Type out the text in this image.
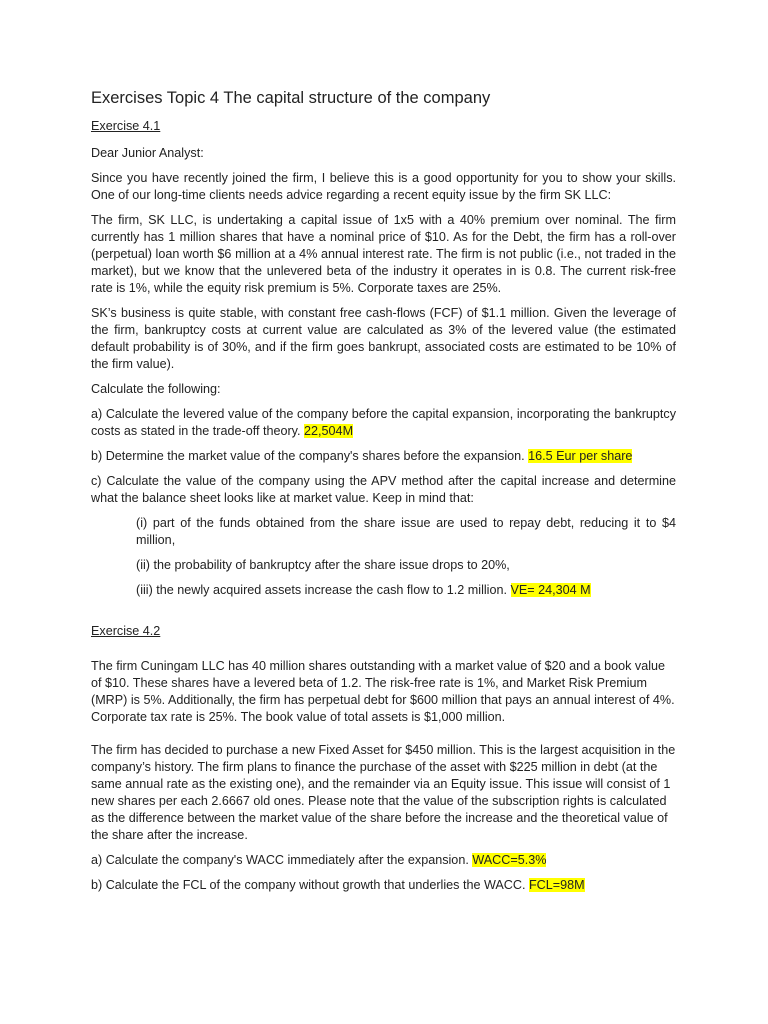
Exercises Topic 4 The capital structure of the company
Exercise 4.1

Dear Junior Analyst:

Since you have recently joined the firm, I believe this is a good opportunity for you to show your skills. One of our long-time clients needs advice regarding a recent equity issue by the firm SK LLC:

The firm, SK LLC, is undertaking a capital issue of 1x5 with a 40% premium over nominal. The firm currently has 1 million shares that have a nominal price of $10. As for the Debt, the firm has a roll-over (perpetual) loan worth $6 million at a 4% annual interest rate. The firm is not public (i.e., not traded in the market), but we know that the unlevered beta of the industry it operates in is 0.8. The current risk-free rate is 1%, while the equity risk premium is 5%. Corporate taxes are 25%.

SK’s business is quite stable, with constant free cash-flows (FCF) of $1.1 million. Given the leverage of the firm, bankruptcy costs at current value are calculated as 3% of the levered value (the estimated default probability is of 30%, and if the firm goes bankrupt, associated costs are estimated to be 10% of the firm value).

Calculate the following:

a) Calculate the levered value of the company before the capital expansion, incorporating the bankruptcy costs as stated in the trade-off theory. 22,504M

b) Determine the market value of the company's shares before the expansion. 16.5 Eur per share

c) Calculate the value of the company using the APV method after the capital increase and determine what the balance sheet looks like at market value. Keep in mind that:

(i) part of the funds obtained from the share issue are used to repay debt, reducing it to $4 million,

(ii) the probability of bankruptcy after the share issue drops to 20%,

(iii) the newly acquired assets increase the cash flow to 1.2 million. VE= 24,304 M

Exercise 4.2

The firm Cuningam LLC has 40 million shares outstanding with a market value of $20 and a book value of $10. These shares have a levered beta of 1.2. The risk-free rate is 1%, and Market Risk Premium (MRP) is 5%. Additionally, the firm has perpetual debt for $600 million that pays an annual interest of 4%. Corporate tax rate is 25%. The book value of total assets is $1,000 million.

The firm has decided to purchase a new Fixed Asset for $450 million. This is the largest acquisition in the company’s history. The firm plans to finance the purchase of the asset with $225 million in debt (at the same annual rate as the existing one), and the remainder via an Equity issue. This issue will consist of 1 new shares per each 2.6667 old ones. Please note that the value of the subscription rights is calculated as the difference between the market value of the share before the increase and the theoretical value of the share after the increase.

a) Calculate the company's WACC immediately after the expansion. WACC=5.3%

b) Calculate the FCL of the company without growth that underlies the WACC. FCL=98M
